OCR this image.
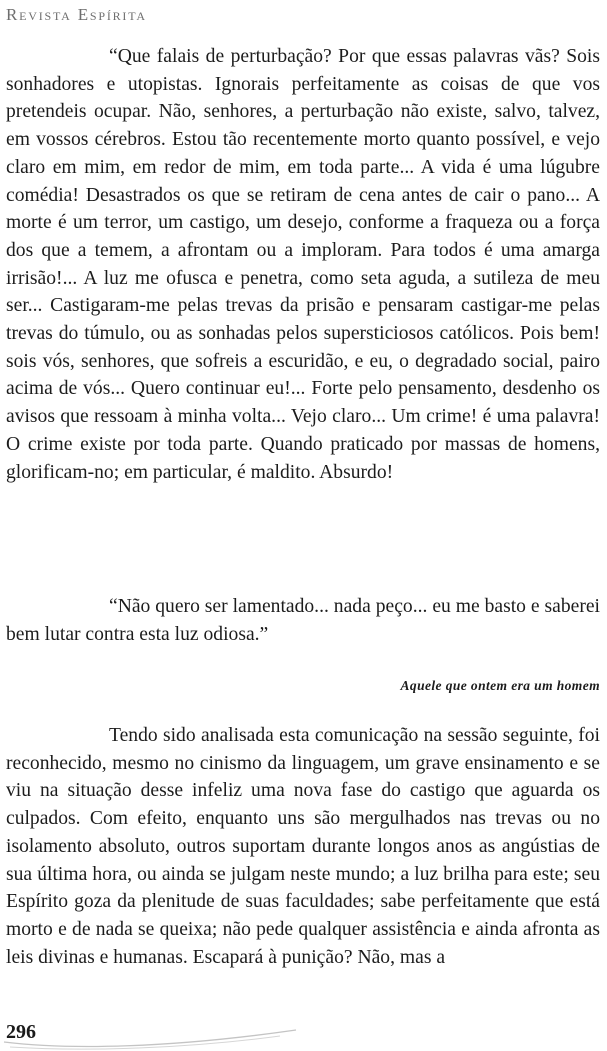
Revista Espírita

“Que falais de perturbação? Por que essas palavras vãs? Sois sonhadores e utopistas. Ignorais perfeitamente as coisas de que vos pretendeis ocupar. Não, senhores, a perturbação não existe, salvo, talvez, em vossos cérebros. Estou tão recentemente morto quanto possível, e vejo claro em mim, em redor de mim, em toda parte... A vida é uma lúgubre comédia! Desastrados os que se retiram de cena antes de cair o pano... A morte é um terror, um castigo, um desejo, conforme a fraqueza ou a força dos que a temem, a afrontam ou a imploram. Para todos é uma amarga irrisão!... A luz me ofusca e penetra, como seta aguda, a sutileza de meu ser... Castigaram-me pelas trevas da prisão e pensaram castigar-me pelas trevas do túmulo, ou as sonhadas pelos supersticiosos católicos. Pois bem! sois vós, senhores, que sofreis a escuridão, e eu, o degradado social, pairo acima de vós... Quero continuar eu!... Forte pelo pensamento, desdenho os avisos que ressoam à minha volta... Vejo claro... Um crime! é uma palavra! O crime existe por toda parte. Quando praticado por massas de homens, glorificam-no; em particular, é maldito. Absurdo!

“Não quero ser lamentado... nada peço... eu me basto e saberei bem lutar contra esta luz odiosa.”

Aquele que ontem era um homem

Tendo sido analisada esta comunicação na sessão seguinte, foi reconhecido, mesmo no cinismo da linguagem, um grave ensinamento e se viu na situação desse infeliz uma nova fase do castigo que aguarda os culpados. Com efeito, enquanto uns são mergulhados nas trevas ou no isolamento absoluto, outros suportam durante longos anos as angústias de sua última hora, ou ainda se julgam neste mundo; a luz brilha para este; seu Espírito goza da plenitude de suas faculdades; sabe perfeitamente que está morto e de nada se queixa; não pede qualquer assistência e ainda afronta as leis divinas e humanas. Escapará à punição? Não, mas a

296
